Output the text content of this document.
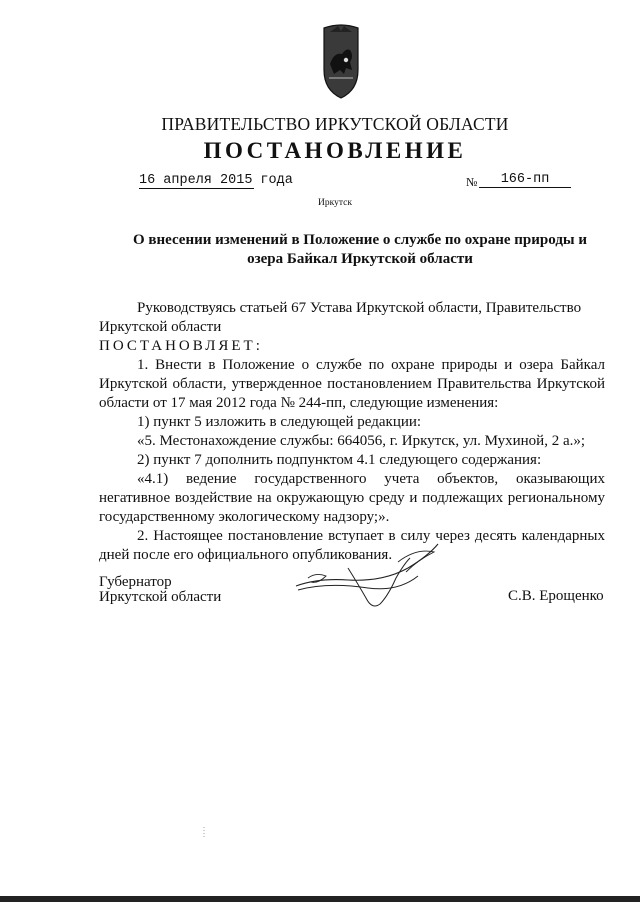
ПРАВИТЕЛЬСТВО ИРКУТСКОЙ ОБЛАСТИ
ПОСТАНОВЛЕНИЕ
16 апреля 2015 года	№	166-пп
Иркутск
О внесении изменений в Положение о службе по охране природы и
озера Байкал Иркутской области

Руководствуясь статьей 67 Устава Иркутской области, Правительство

Иркутской области

ПОСТАНОВЛЯЕТ:

1. Внести в Положение о службе по охране природы и озера Байкал Иркутской области, утвержденное постановлением Правительства Иркутской области от 17 мая 2012 года № 244-пп, следующие изменения:

1) пункт 5 изложить в следующей редакции:

«5. Местонахождение службы: 664056, г. Иркутск, ул. Мухиной, 2 а.»;

2) пункт 7 дополнить подпунктом 4.1 следующего содержания:

«4.1) ведение государственного учета объектов, оказывающих негативное воздействие на окружающую среду и подлежащих региональному государственному экологическому надзору;».

2. Настоящее постановление вступает в силу через десять календарных дней после его официального опубликования.

Губернатор
Иркутской области	С.В. Ерощенко
